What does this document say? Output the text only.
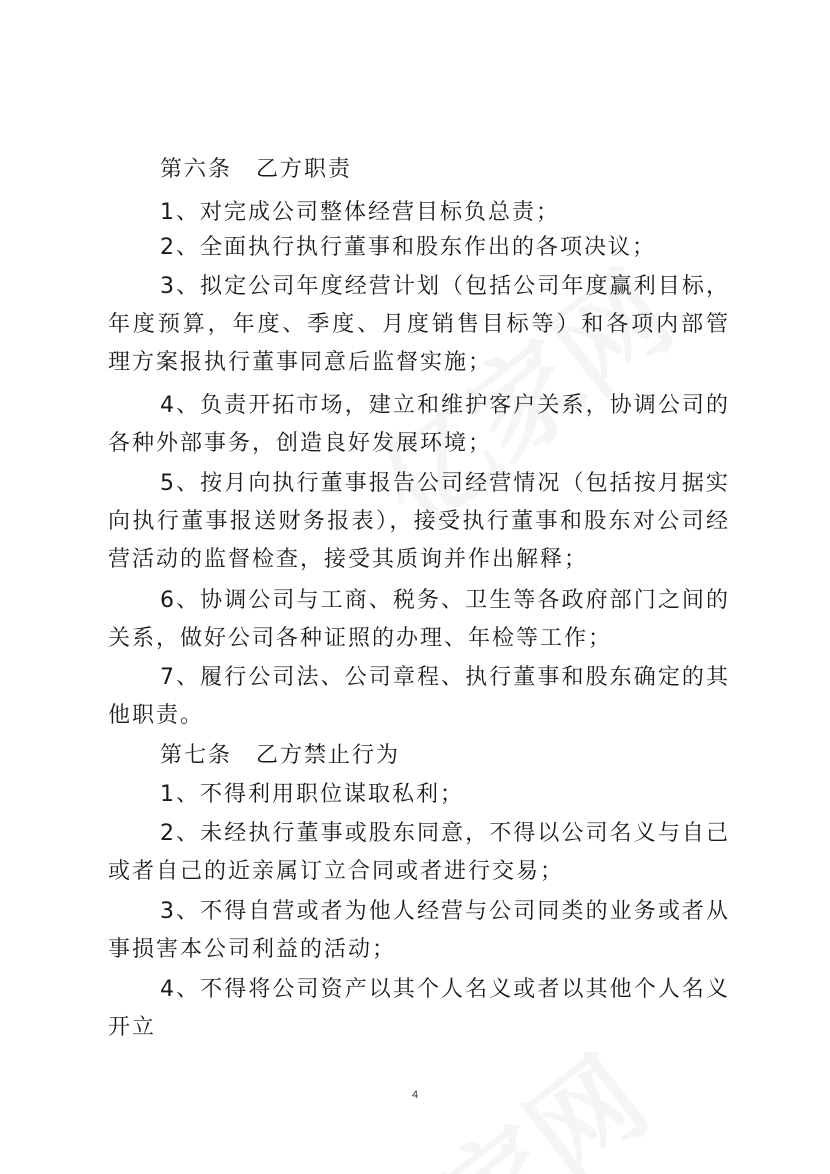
第六条　乙方职责

1、对完成公司整体经营目标负总责；

2、全面执行执行董事和股东作出的各项决议；

3、拟定公司年度经营计划（包括公司年度赢利目标，年度预算，年度、季度、月度销售目标等）和各项内部管理方案报执行董事同意后监督实施；

4、负责开拓市场，建立和维护客户关系，协调公司的各种外部事务，创造良好发展环境；

5、按月向执行董事报告公司经营情况（包括按月据实向执行董事报送财务报表），接受执行董事和股东对公司经营活动的监督检查，接受其质询并作出解释；

6、协调公司与工商、税务、卫生等各政府部门之间的关系，做好公司各种证照的办理、年检等工作；

7、履行公司法、公司章程、执行董事和股东确定的其他职责。

第七条　乙方禁止行为

1、不得利用职位谋取私利；

2、未经执行董事或股东同意，不得以公司名义与自己或者自己的近亲属订立合同或者进行交易；

3、不得自营或者为他人经营与公司同类的业务或者从事损害本公司利益的活动；

4、不得将公司资产以其个人名义或者以其他个人名义开立

4
